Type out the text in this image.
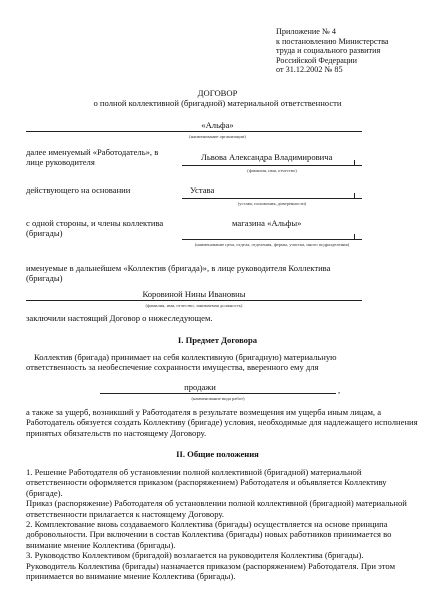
Приложение № 4
к постановлению Министерства
труда и социального развития
Российской Федерации
от 31.12.2002 № 85
ДОГОВОР
о полной коллективной (бригадной) материальной ответственности
«Альфа»
(наименование организации)
далее именуемый «Работодатель», в лице руководителя
Львова Александра Владимировича
(фамилия, имя, отчество)
действующего на основании	Устава
(устава, положения, доверенности)
с одной стороны, и члены коллектива (бригады)
магазина «Альфы»
(наименование цеха, отдела, отделения, фермы, участка, иного подразделения)
именуемые в дальнейшем «Коллектив (бригада)», в лице руководителя Коллектива (бригады)
Коровиной Нины Ивановны
(фамилия, имя, отчество; занимаемая должность)
заключили настоящий Договор о нижеследующем.
I. Предмет Договора
Коллектив (бригада) принимает на себя коллективную (бригадную) материальную ответственность за необеспечение сохранности имущества, вверенного ему для
продажи	,
(наименование вида работ)
а также за ущерб, возникший у Работодателя в результате возмещения им ущерба иным лицам, а Работодатель обязуется создать Коллективу (бригаде) условия, необходимые для надлежащего исполнения принятых обязательств по настоящему Договору.
II. Общие положения

1. Решение Работодателя об установлении полной коллективной (бригадной) материальной ответственности оформляется приказом (распоряжением) Работодателя и объявляется Коллективу (бригаде).

Приказ (распоряжение) Работодателя об установлении полной коллективной (бригадной) материальной ответственности прилагается к настоящему Договору.

2. Комплектование вновь создаваемого Коллектива (бригады) осуществляется на основе принципа добровольности. При включении в состав Коллектива (бригады) новых работников принимается во внимание мнение Коллектива (бригады).

3. Руководство Коллективом (бригадой) возлагается на руководителя Коллектива (бригады). Руководитель Коллектива (бригады) назначается приказом (распоряжением) Работодателя. При этом принимается во внимание мнение Коллектива (бригады).
